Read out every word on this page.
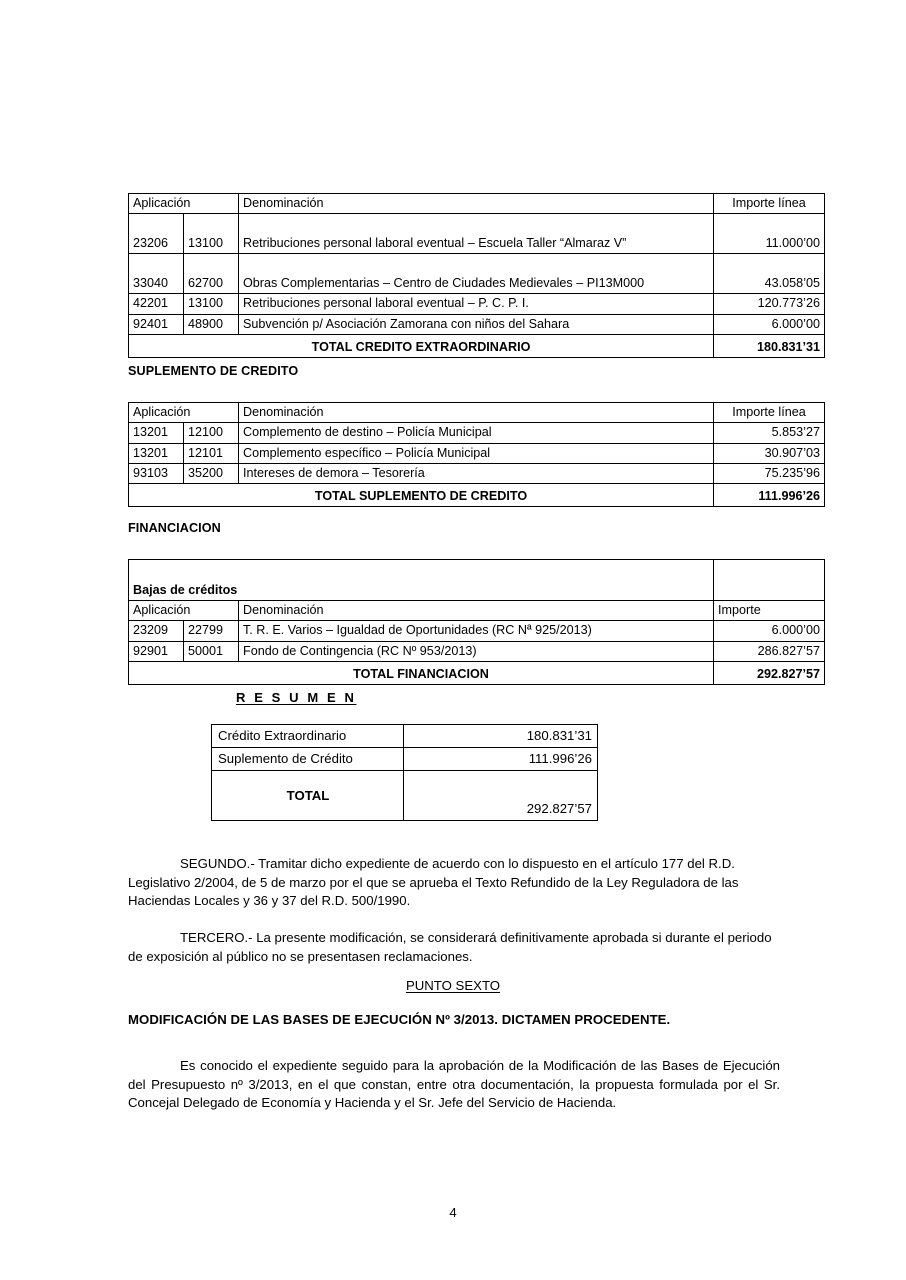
Aplicación		Denominación	Importe línea
23206	13100	Retribuciones personal laboral eventual – Escuela Taller “Almaraz V”	11.000’00
33040	62700	Obras Complementarias – Centro de Ciudades Medievales – PI13M000	43.058’05
42201	13100	Retribuciones personal laboral eventual – P. C. P. I.	120.773’26
92401	48900	Subvención p/ Asociación Zamorana con niños del Sahara	6.000’00
TOTAL CREDITO EXTRAORDINARIO			180.831’31
SUPLEMENTO DE CREDITO
Aplicación		Denominación	Importe línea
13201	12100	Complemento de destino – Policía Municipal	5.853’27
13201	12101	Complemento específico – Policía Municipal	30.907’03
93103	35200	Intereses de demora – Tesorería	75.235’96
TOTAL SUPLEMENTO DE CREDITO			111.996’26
FINANCIACION
Bajas de créditos			
Aplicación		Denominación	Importe
23209	22799	T. R. E. Varios – Igualdad de Oportunidades (RC Nª 925/2013)	6.000’00
92901	50001	Fondo de Contingencia (RC Nº 953/2013)	286.827’57
TOTAL FINANCIACION			292.827’57
R E S U M E N
Crédito Extraordinario	180.831’31
Suplemento de Crédito	111.996’26
TOTAL	292.827’57
SEGUNDO.- Tramitar dicho expediente de acuerdo con lo dispuesto en el artículo 177 del R.D. Legislativo 2/2004, de 5 de marzo por el que se aprueba el Texto Refundido de la Ley Reguladora de las Haciendas Locales y 36 y 37 del R.D. 500/1990.
TERCERO.- La presente modificación, se considerará definitivamente aprobada si durante el periodo de exposición al público no se presentasen reclamaciones.
PUNTO SEXTO
MODIFICACIÓN DE LAS BASES DE EJECUCIÓN Nº 3/2013. DICTAMEN PROCEDENTE.
Es conocido el expediente seguido para la aprobación de la Modificación de las Bases de Ejecución del Presupuesto nº 3/2013, en el que constan, entre otra documentación, la propuesta formulada por el Sr. Concejal Delegado de Economía y Hacienda y el Sr. Jefe del Servicio de Hacienda.
4
